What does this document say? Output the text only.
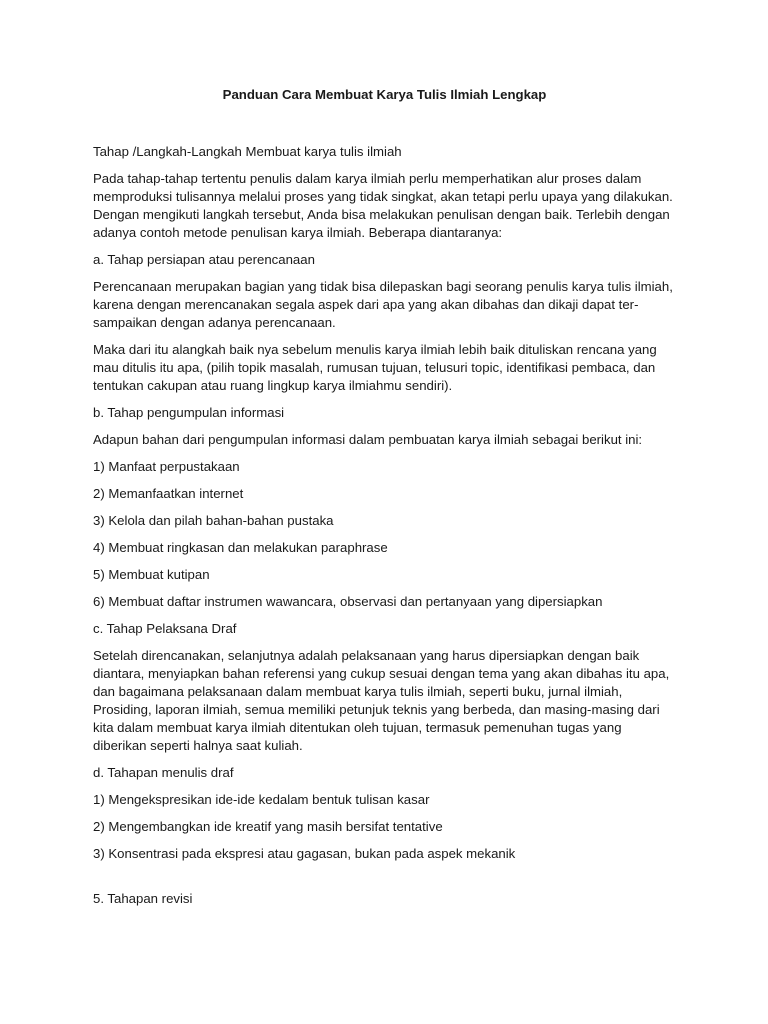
Panduan Cara Membuat Karya Tulis Ilmiah Lengkap

Tahap /Langkah-Langkah Membuat karya tulis ilmiah

Pada tahap-tahap tertentu penulis dalam karya ilmiah perlu memperhatikan alur proses dalam memproduksi tulisannya melalui proses yang tidak singkat, akan tetapi perlu upaya yang dilakukan. Dengan mengikuti langkah tersebut, Anda bisa melakukan penulisan dengan baik. Terlebih dengan adanya contoh metode penulisan karya ilmiah. Beberapa diantaranya:

a. Tahap persiapan atau perencanaan

Perencanaan merupakan bagian yang tidak bisa dilepaskan bagi seorang penulis karya tulis ilmiah, karena dengan merencanakan segala aspek dari apa yang akan dibahas dan dikaji dapat ter-sampaikan dengan adanya perencanaan.

Maka dari itu alangkah baik nya sebelum menulis karya ilmiah lebih baik dituliskan rencana yang mau ditulis itu apa, (pilih topik masalah, rumusan tujuan, telusuri topic, identifikasi pembaca, dan tentukan cakupan atau ruang lingkup karya ilmiahmu sendiri).

b. Tahap pengumpulan informasi

Adapun bahan dari pengumpulan informasi dalam pembuatan karya ilmiah sebagai berikut ini:

1) Manfaat perpustakaan

2) Memanfaatkan internet

3) Kelola dan pilah bahan-bahan pustaka

4) Membuat ringkasan dan melakukan paraphrase

5) Membuat kutipan

6) Membuat daftar instrumen wawancara, observasi dan pertanyaan yang dipersiapkan

c. Tahap Pelaksana Draf

Setelah direncanakan, selanjutnya adalah pelaksanaan yang harus dipersiapkan dengan baik diantara, menyiapkan bahan referensi yang cukup sesuai dengan tema yang akan dibahas itu apa, dan bagaimana pelaksanaan dalam membuat karya tulis ilmiah, seperti buku, jurnal ilmiah, Prosiding, laporan ilmiah, semua memiliki petunjuk teknis yang berbeda, dan masing-masing dari kita dalam membuat karya ilmiah ditentukan oleh tujuan, termasuk pemenuhan tugas yang diberikan seperti halnya saat kuliah.

d. Tahapan menulis draf

1) Mengekspresikan ide-ide kedalam bentuk tulisan kasar

2) Mengembangkan ide kreatif yang masih bersifat tentative

3) Konsentrasi pada ekspresi atau gagasan, bukan pada aspek mekanik

5. Tahapan revisi
